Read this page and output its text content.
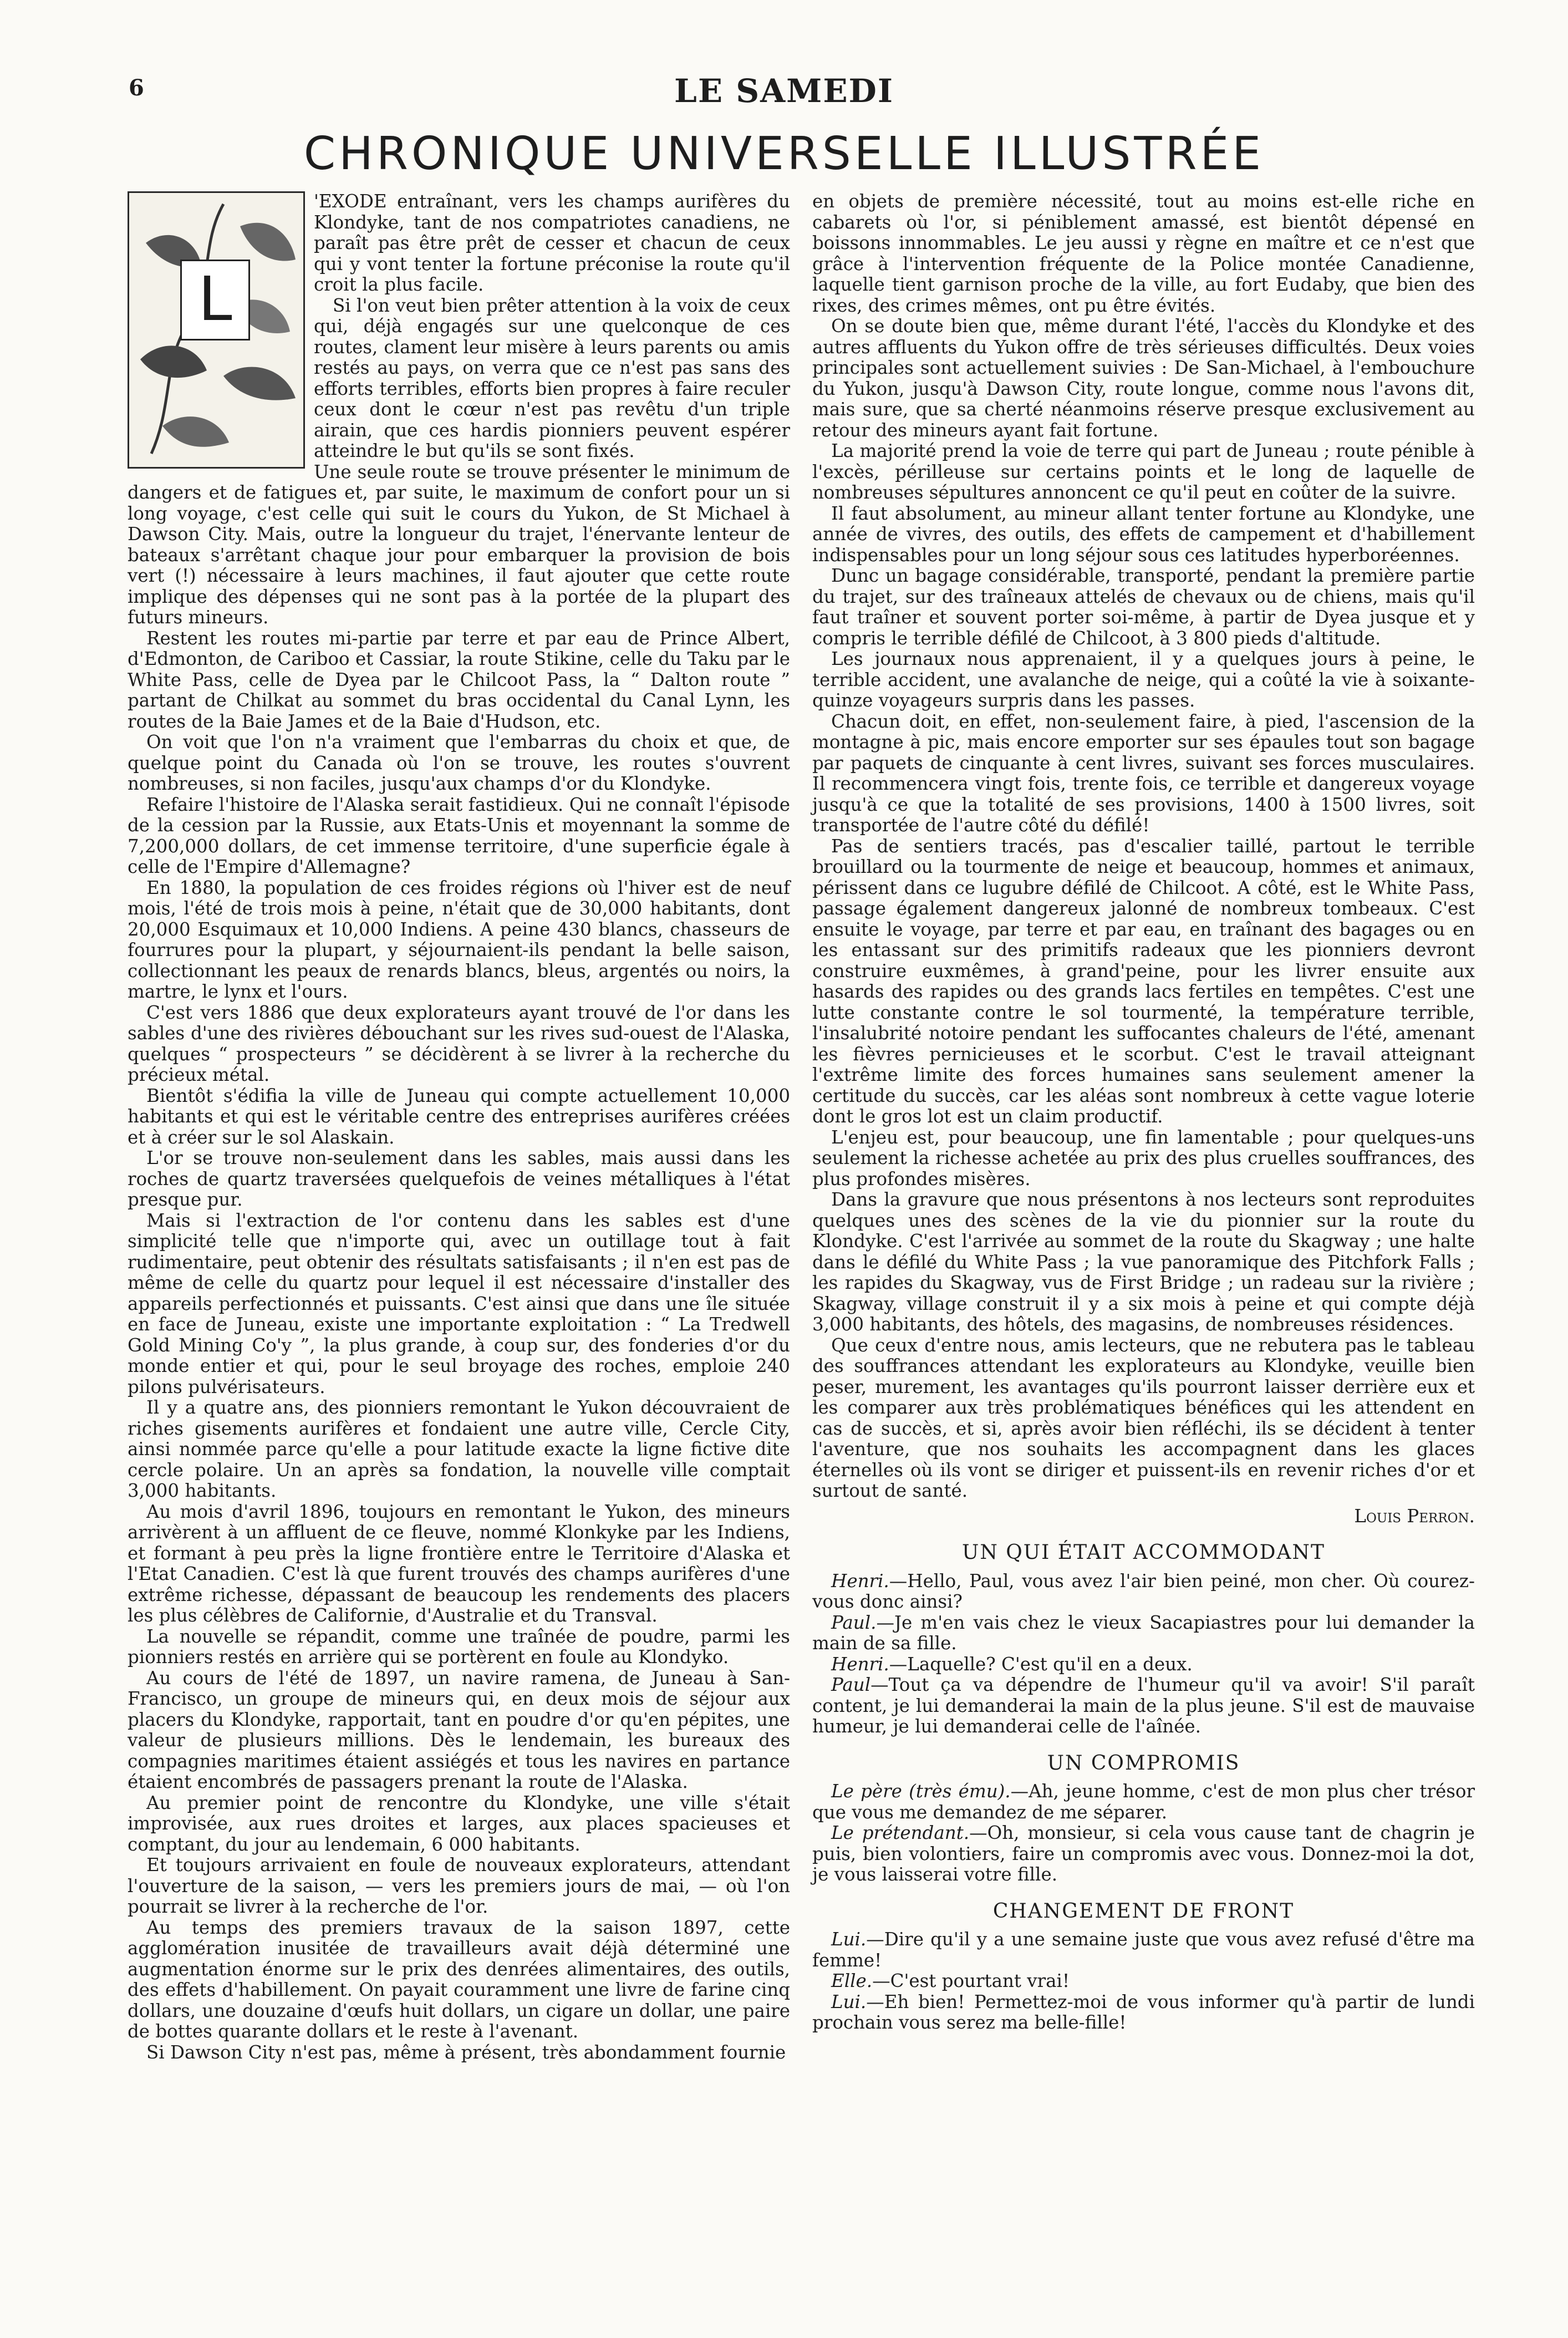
6	LE SAMEDI
CHRONIQUE UNIVERSELLE ILLUSTRÉE
L

'EXODE entraînant, vers les champs aurifères du Klondyke, tant de nos compatriotes canadiens, ne paraît pas être prêt de cesser et chacun de ceux qui y vont tenter la fortune préconise la route qu'il croit la plus facile.

Si l'on veut bien prêter attention à la voix de ceux qui, déjà engagés sur une quelconque de ces routes, clament leur misère à leurs parents ou amis restés au pays, on verra que ce n'est pas sans des efforts terribles, efforts bien propres à faire reculer ceux dont le cœur n'est pas revêtu d'un triple airain, que ces hardis pionniers peuvent espérer atteindre le but qu'ils se sont fixés.

Une seule route se trouve présenter le minimum de dangers et de fatigues et, par suite, le maximum de confort pour un si long voyage, c'est celle qui suit le cours du Yukon, de St Michael à Dawson City. Mais, outre la longueur du trajet, l'énervante lenteur de bateaux s'arrêtant chaque jour pour embarquer la provision de bois vert (!) nécessaire à leurs machines, il faut ajouter que cette route implique des dépenses qui ne sont pas à la portée de la plupart des futurs mineurs.

Restent les routes mi-partie par terre et par eau de Prince Albert, d'Edmonton, de Cariboo et Cassiar, la route Stikine, celle du Taku par le White Pass, celle de Dyea par le Chilcoot Pass, la “ Dalton route ” partant de Chilkat au sommet du bras occidental du Canal Lynn, les routes de la Baie James et de la Baie d'Hudson, etc.

On voit que l'on n'a vraiment que l'embarras du choix et que, de quelque point du Canada où l'on se trouve, les routes s'ouvrent nombreuses, si non faciles, jusqu'aux champs d'or du Klondyke.

Refaire l'histoire de l'Alaska serait fastidieux. Qui ne connaît l'épisode de la cession par la Russie, aux Etats-Unis et moyennant la somme de 7,200,000 dollars, de cet immense territoire, d'une superficie égale à celle de l'Empire d'Allemagne?

En 1880, la population de ces froides régions où l'hiver est de neuf mois, l'été de trois mois à peine, n'était que de 30,000 habitants, dont 20,000 Esquimaux et 10,000 Indiens. A peine 430 blancs, chasseurs de fourrures pour la plupart, y séjournaient-ils pendant la belle saison, collectionnant les peaux de renards blancs, bleus, argentés ou noirs, la martre, le lynx et l'ours.

C'est vers 1886 que deux explorateurs ayant trouvé de l'or dans les sables d'une des rivières débouchant sur les rives sud-ouest de l'Alaska, quelques “ prospecteurs ” se décidèrent à se livrer à la recherche du précieux métal.

Bientôt s'édifia la ville de Juneau qui compte actuellement 10,000 habitants et qui est le véritable centre des entreprises aurifères créées et à créer sur le sol Alaskain.

L'or se trouve non-seulement dans les sables, mais aussi dans les roches de quartz traversées quelquefois de veines métalliques à l'état presque pur.

Mais si l'extraction de l'or contenu dans les sables est d'une simplicité telle que n'importe qui, avec un outillage tout à fait rudimentaire, peut obtenir des résultats satisfaisants ; il n'en est pas de même de celle du quartz pour lequel il est nécessaire d'installer des appareils perfectionnés et puissants. C'est ainsi que dans une île située en face de Juneau, existe une importante exploitation : “ La Tredwell Gold Mining Co'y ”, la plus grande, à coup sur, des fonderies d'or du monde entier et qui, pour le seul broyage des roches, emploie 240 pilons pulvérisateurs.

Il y a quatre ans, des pionniers remontant le Yukon découvraient de riches gisements aurifères et fondaient une autre ville, Cercle City, ainsi nommée parce qu'elle a pour latitude exacte la ligne fictive dite cercle polaire. Un an après sa fondation, la nouvelle ville comptait 3,000 habitants.

Au mois d'avril 1896, toujours en remontant le Yukon, des mineurs arrivèrent à un affluent de ce fleuve, nommé Klonkyke par les Indiens, et formant à peu près la ligne frontière entre le Territoire d'Alaska et l'Etat Canadien. C'est là que furent trouvés des champs aurifères d'une extrême richesse, dépassant de beaucoup les rendements des placers les plus célèbres de Californie, d'Australie et du Transval.

La nouvelle se répandit, comme une traînée de poudre, parmi les pionniers restés en arrière qui se portèrent en foule au Klondyko.

Au cours de l'été de 1897, un navire ramena, de Juneau à San-Francisco, un groupe de mineurs qui, en deux mois de séjour aux placers du Klondyke, rapportait, tant en poudre d'or qu'en pépites, une valeur de plusieurs millions. Dès le lendemain, les bureaux des compagnies maritimes étaient assiégés et tous les navires en partance étaient encombrés de passagers prenant la route de l'Alaska.

Au premier point de rencontre du Klondyke, une ville s'était improvisée, aux rues droites et larges, aux places spacieuses et comptant, du jour au lendemain, 6 000 habitants.

Et toujours arrivaient en foule de nouveaux explorateurs, attendant l'ouverture de la saison, — vers les premiers jours de mai, — où l'on pourrait se livrer à la recherche de l'or.

Au temps des premiers travaux de la saison 1897, cette agglomération inusitée de travailleurs avait déjà déterminé une augmentation énorme sur le prix des denrées alimentaires, des outils, des effets d'habillement. On payait couramment une livre de farine cinq dollars, une douzaine d'œufs huit dollars, un cigare un dollar, une paire de bottes quarante dollars et le reste à l'avenant.

Si Dawson City n'est pas, même à présent, très abondamment fournie

en objets de première nécessité, tout au moins est-elle riche en cabarets où l'or, si péniblement amassé, est bientôt dépensé en boissons innommables. Le jeu aussi y règne en maître et ce n'est que grâce à l'intervention fréquente de la Police montée Canadienne, laquelle tient garnison proche de la ville, au fort Eudaby, que bien des rixes, des crimes mêmes, ont pu être évités.

On se doute bien que, même durant l'été, l'accès du Klondyke et des autres affluents du Yukon offre de très sérieuses difficultés. Deux voies principales sont actuellement suivies : De San-Michael, à l'embouchure du Yukon, jusqu'à Dawson City, route longue, comme nous l'avons dit, mais sure, que sa cherté néanmoins réserve presque exclusivement au retour des mineurs ayant fait fortune.

La majorité prend la voie de terre qui part de Juneau ; route pénible à l'excès, périlleuse sur certains points et le long de laquelle de nombreuses sépultures annoncent ce qu'il peut en coûter de la suivre.

Il faut absolument, au mineur allant tenter fortune au Klondyke, une année de vivres, des outils, des effets de campement et d'habillement indispensables pour un long séjour sous ces latitudes hyperboréennes.

Dunc un bagage considérable, transporté, pendant la première partie du trajet, sur des traîneaux attelés de chevaux ou de chiens, mais qu'il faut traîner et souvent porter soi-même, à partir de Dyea jusque et y compris le terrible défilé de Chilcoot, à 3 800 pieds d'altitude.

Les journaux nous apprenaient, il y a quelques jours à peine, le terrible accident, une avalanche de neige, qui a coûté la vie à soixante-quinze voyageurs surpris dans les passes.

Chacun doit, en effet, non-seulement faire, à pied, l'ascension de la montagne à pic, mais encore emporter sur ses épaules tout son bagage par paquets de cinquante à cent livres, suivant ses forces musculaires. Il recommencera vingt fois, trente fois, ce terrible et dangereux voyage jusqu'à ce que la totalité de ses provisions, 1400 à 1500 livres, soit transportée de l'autre côté du défilé!

Pas de sentiers tracés, pas d'escalier taillé, partout le terrible brouillard ou la tourmente de neige et beaucoup, hommes et animaux, périssent dans ce lugubre défilé de Chilcoot. A côté, est le White Pass, passage également dangereux jalonné de nombreux tombeaux. C'est ensuite le voyage, par terre et par eau, en traînant des bagages ou en les entassant sur des primitifs radeaux que les pionniers devront construire euxmêmes, à grand'peine, pour les livrer ensuite aux hasards des rapides ou des grands lacs fertiles en tempêtes. C'est une lutte constante contre le sol tourmenté, la température terrible, l'insalubrité notoire pendant les suffocantes chaleurs de l'été, amenant les fièvres pernicieuses et le scorbut. C'est le travail atteignant l'extrême limite des forces humaines sans seulement amener la certitude du succès, car les aléas sont nombreux à cette vague loterie dont le gros lot est un claim productif.

L'enjeu est, pour beaucoup, une fin lamentable ; pour quelques-uns seulement la richesse achetée au prix des plus cruelles souffrances, des plus profondes misères.

Dans la gravure que nous présentons à nos lecteurs sont reproduites quelques unes des scènes de la vie du pionnier sur la route du Klondyke. C'est l'arrivée au sommet de la route du Skagway ; une halte dans le défilé du White Pass ; la vue panoramique des Pitchfork Falls ; les rapides du Skagway, vus de First Bridge ; un radeau sur la rivière ; Skagway, village construit il y a six mois à peine et qui compte déjà 3,000 habitants, des hôtels, des magasins, de nombreuses résidences.

Que ceux d'entre nous, amis lecteurs, que ne rebutera pas le tableau des souffrances attendant les explorateurs au Klondyke, veuille bien peser, murement, les avantages qu'ils pourront laisser derrière eux et les comparer aux très problématiques bénéfices qui les attendent en cas de succès, et si, après avoir bien réfléchi, ils se décident à tenter l'aventure, que nos souhaits les accompagnent dans les glaces éternelles où ils vont se diriger et puissent-ils en revenir riches d'or et surtout de santé.

Louis Perron.

UN QUI ÉTAIT ACCOMMODANT

Henri.—Hello, Paul, vous avez l'air bien peiné, mon cher. Où courez-vous donc ainsi?

Paul.—Je m'en vais chez le vieux Sacapiastres pour lui demander la main de sa fille.

Henri.—Laquelle? C'est qu'il en a deux.

Paul—Tout ça va dépendre de l'humeur qu'il va avoir! S'il paraît content, je lui demanderai la main de la plus jeune. S'il est de mauvaise humeur, je lui demanderai celle de l'aînée.

UN COMPROMIS

Le père (très ému).—Ah, jeune homme, c'est de mon plus cher trésor que vous me demandez de me séparer.

Le prétendant.—Oh, monsieur, si cela vous cause tant de chagrin je puis, bien volontiers, faire un compromis avec vous. Donnez-moi la dot, je vous laisserai votre fille.

CHANGEMENT DE FRONT

Lui.—Dire qu'il y a une semaine juste que vous avez refusé d'être ma femme!

Elle.—C'est pourtant vrai!

Lui.—Eh bien! Permettez-moi de vous informer qu'à partir de lundi prochain vous serez ma belle-fille!
